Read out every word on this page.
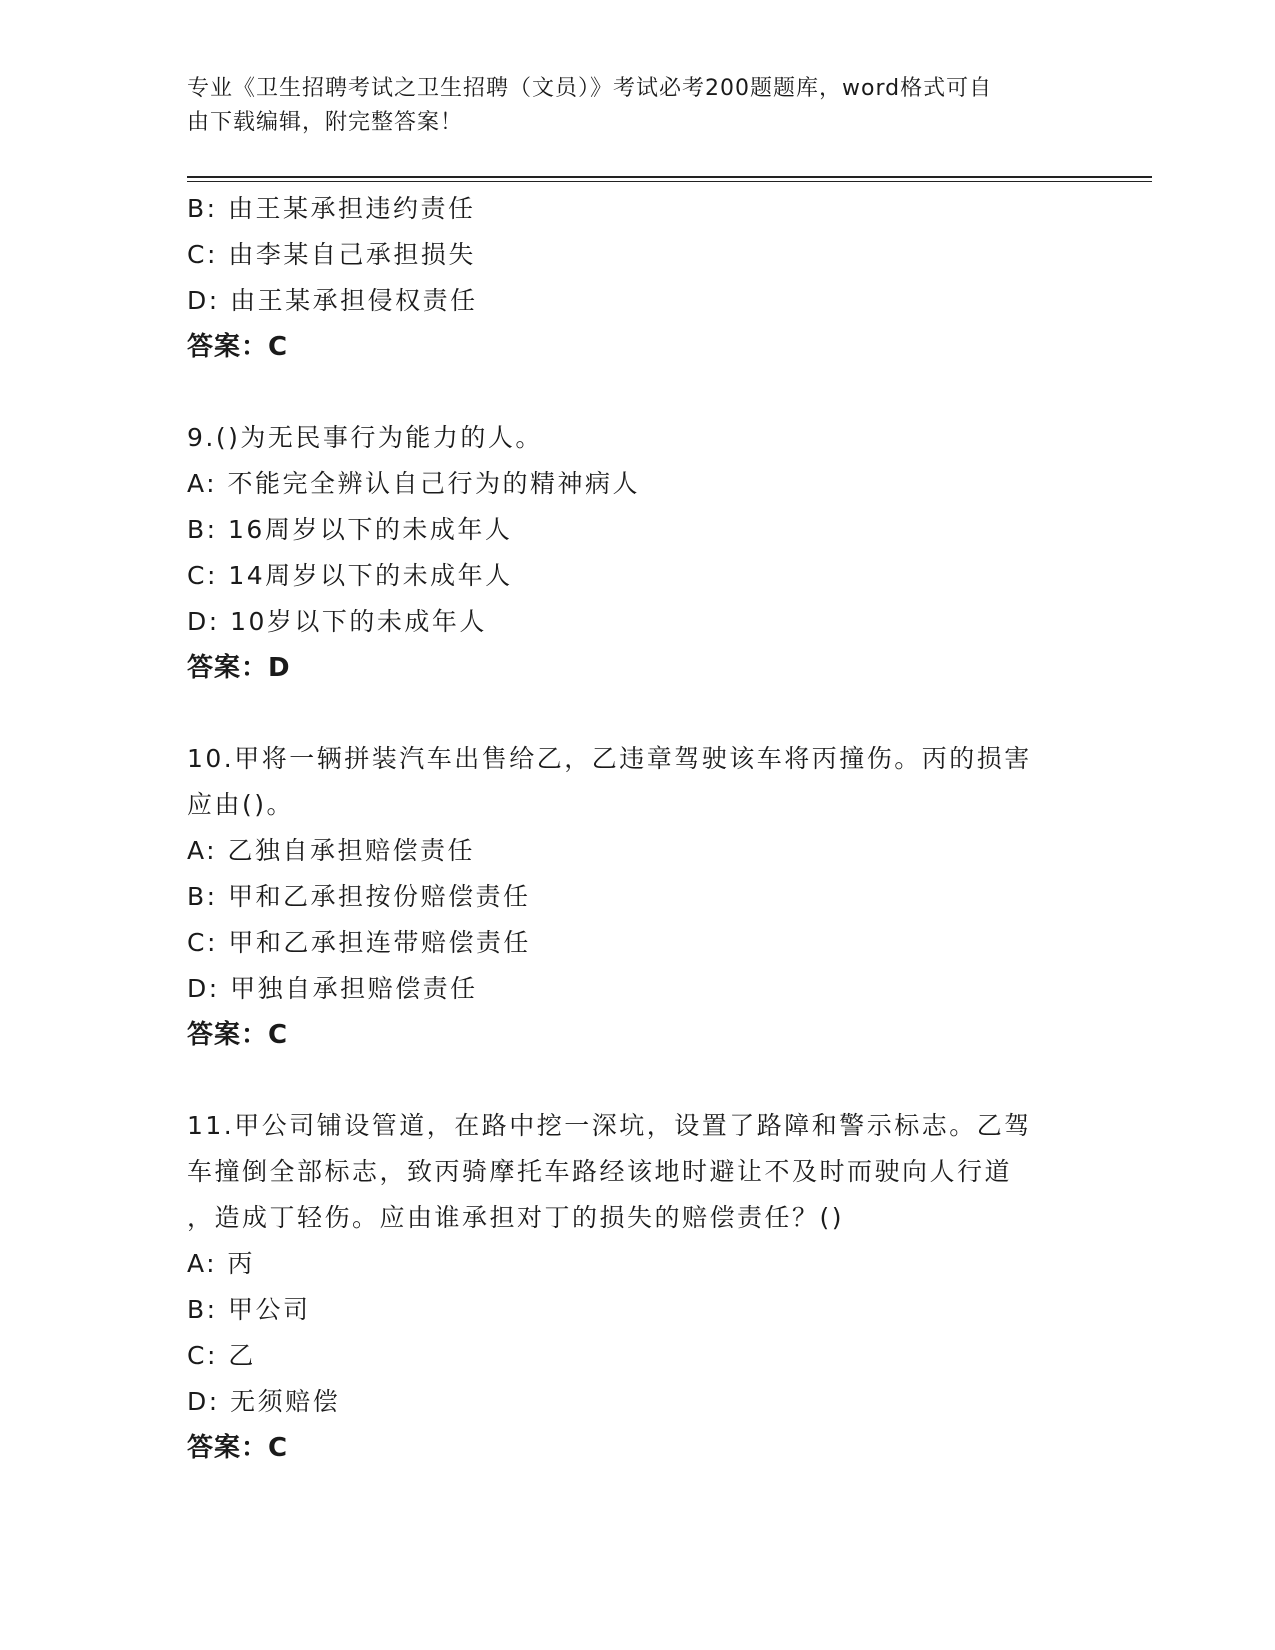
专业《卫生招聘考试之卫生招聘（文员）》考试必考200题题库，word格式可自
由下载编辑，附完整答案！
B: 由王某承担违约责任
C: 由李某自己承担损失
D: 由王某承担侵权责任
答案：C
9.()为无民事行为能力的人。
A: 不能完全辨认自己行为的精神病人
B: 16周岁以下的未成年人
C: 14周岁以下的未成年人
D: 10岁以下的未成年人
答案：D
10.甲将一辆拼装汽车出售给乙，乙违章驾驶该车将丙撞伤。丙的损害
应由()。
A: 乙独自承担赔偿责任
B: 甲和乙承担按份赔偿责任
C: 甲和乙承担连带赔偿责任
D: 甲独自承担赔偿责任
答案：C
11.甲公司铺设管道，在路中挖一深坑，设置了路障和警示标志。乙驾
车撞倒全部标志，致丙骑摩托车路经该地时避让不及时而驶向人行道
，造成丁轻伤。应由谁承担对丁的损失的赔偿责任？()
A: 丙
B: 甲公司
C: 乙
D: 无须赔偿
答案：C
